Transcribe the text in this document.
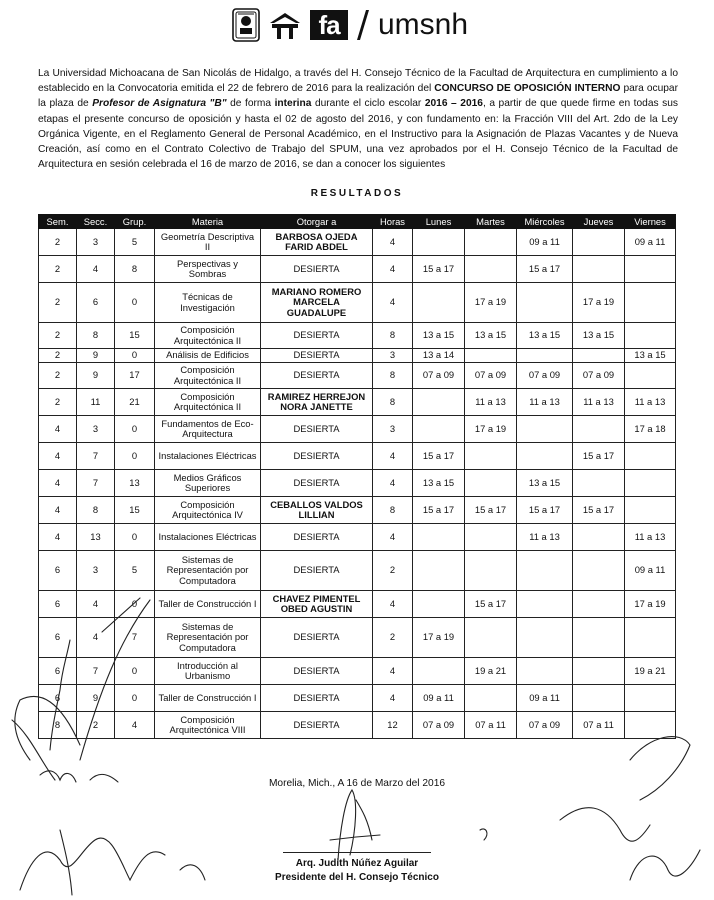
fa umsnh
La Universidad Michoacana de San Nicolás de Hidalgo, a través del H. Consejo Técnico de la Facultad de Arquitectura en cumplimiento a lo establecido en la Convocatoria emitida el 22 de febrero de 2016 para la realización del CONCURSO DE OPOSICIÓN INTERNO para ocupar la plaza de Profesor de Asignatura "B" de forma interina durante el ciclo escolar 2016 – 2016, a partir de que quede firme en todas sus etapas el presente concurso de oposición y hasta el 02 de agosto del 2016, y con fundamento en: la Fracción VIII del Art. 2do de la Ley Orgánica Vigente, en el Reglamento General de Personal Académico, en el Instructivo para la Asignación de Plazas Vacantes y de Nueva Creación, así como en el Contrato Colectivo de Trabajo del SPUM, una vez aprobados por el H. Consejo Técnico de la Facultad de Arquitectura en sesión celebrada el 16 de marzo de 2016, se dan a conocer los siguientes
RESULTADOS
Sem.	Secc.	Grup.	Materia	Otorgar a	Horas	Lunes	Martes	Miércoles	Jueves	Viernes
2	3	5	Geometría Descriptiva II	BARBOSA OJEDA FARID ABDEL	4			09 a 11		09 a 11
2	4	8	Perspectivas y Sombras	DESIERTA	4	15 a 17		15 a 17		
2	6	0	Técnicas de Investigación	MARIANO ROMERO MARCELA GUADALUPE	4		17 a 19		17 a 19	
2	8	15	Composición Arquitectónica II	DESIERTA	8	13 a 15	13 a 15	13 a 15	13 a 15	
2	9	0	Análisis de Edificios	DESIERTA	3	13 a 14				13 a 15
2	9	17	Composición Arquitectónica II	DESIERTA	8	07 a 09	07 a 09	07 a 09	07 a 09	
2	11	21	Composición Arquitectónica II	RAMIREZ HERREJON NORA JANETTE	8		11 a 13	11 a 13	11 a 13	11 a 13
4	3	0	Fundamentos de Eco-Arquitectura	DESIERTA	3		17 a 19			17 a 18
4	7	0	Instalaciones Eléctricas	DESIERTA	4	15 a 17			15 a 17	
4	7	13	Medios Gráficos Superiores	DESIERTA	4	13 a 15		13 a 15		
4	8	15	Composición Arquitectónica IV	CEBALLOS VALDOS LILLIAN	8	15 a 17	15 a 17	15 a 17	15 a 17	
4	13	0	Instalaciones Eléctricas	DESIERTA	4			11 a 13		11 a 13
6	3	5	Sistemas de Representación por Computadora	DESIERTA	2					09 a 11
6	4	0	Taller de Construcción I	CHAVEZ PIMENTEL OBED AGUSTIN	4		15 a 17			17 a 19
6	4	7	Sistemas de Representación por Computadora	DESIERTA	2	17 a 19				
6	7	0	Introducción al Urbanismo	DESIERTA	4		19 a 21			19 a 21
6	9	0	Taller de Construcción I	DESIERTA	4	09 a 11		09 a 11		
8	2	4	Composición Arquitectónica VIII	DESIERTA	12	07 a 09	07 a 11	07 a 09	07 a 11	
Morelia, Mich., A 16 de Marzo del 2016
Arq. Judith Núñez Aguilar
Presidente del H. Consejo Técnico
